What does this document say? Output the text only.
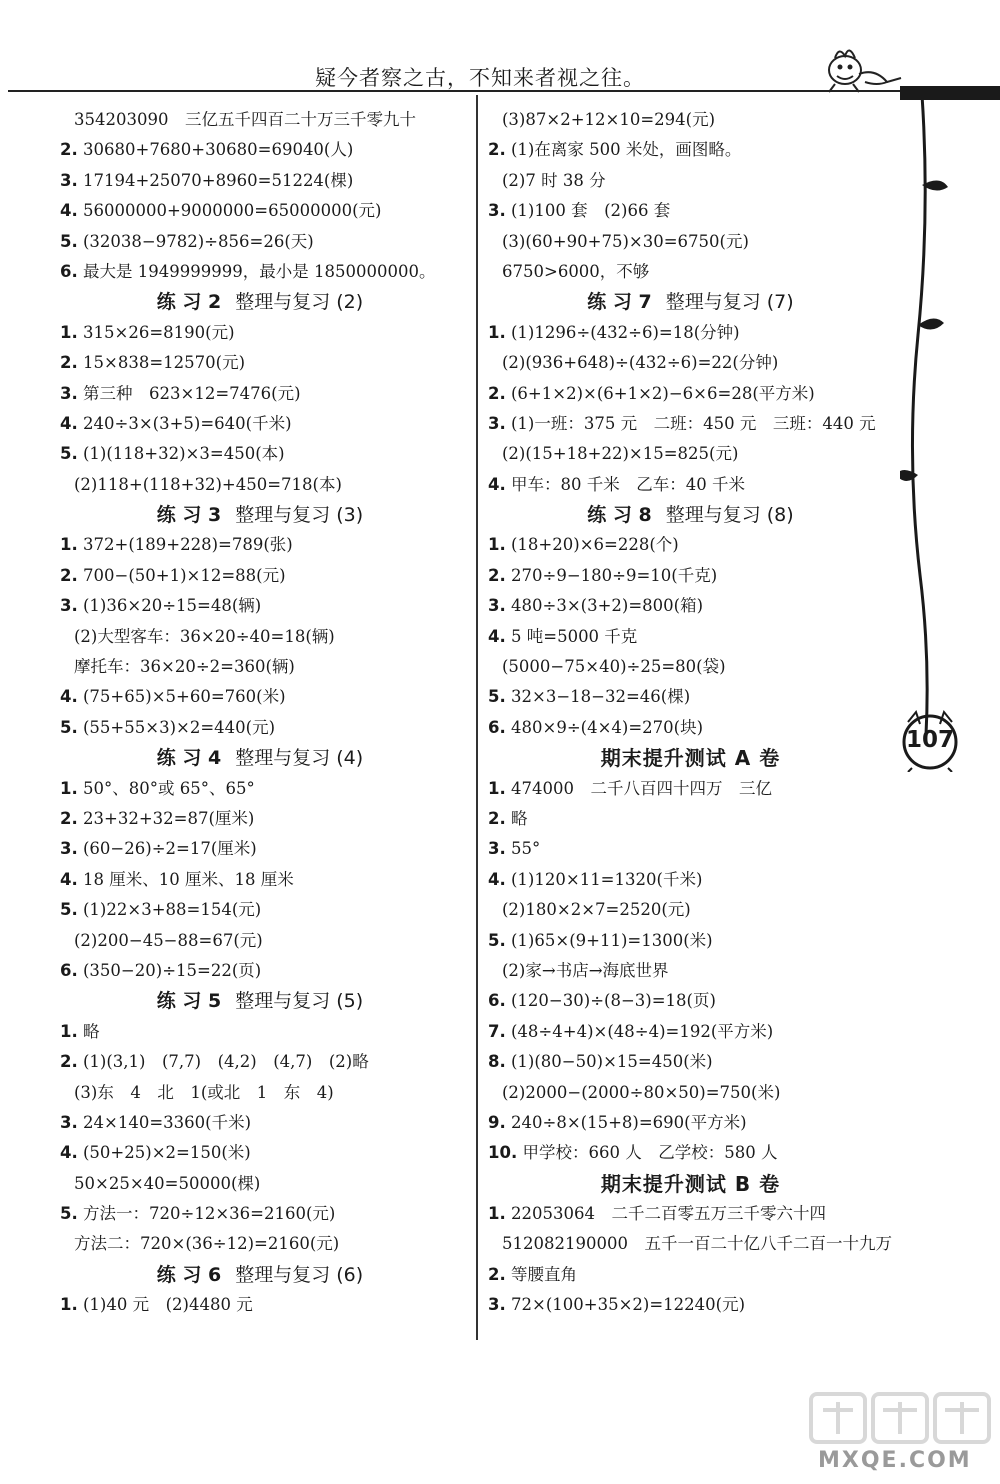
疑今者察之古，不知来者视之往。
107
354203090　三亿五千四百二十万三千零九十
2. 30680+7680+30680=69040(人)
3. 17194+25070+8960=51224(棵)
4. 56000000+9000000=65000000(元)
5. (32038−9782)÷856=26(天)
6. 最大是 1949999999，最小是 1850000000。
练 习 2 整理与复习 (2)
1. 315×26=8190(元)
2. 15×838=12570(元)
3. 第三种　623×12=7476(元)
4. 240÷3×(3+5)=640(千米)
5. (1)(118+32)×3=450(本)
(2)118+(118+32)+450=718(本)
练 习 3 整理与复习 (3)
1. 372+(189+228)=789(张)
2. 700−(50+1)×12=88(元)
3. (1)36×20÷15=48(辆)
(2)大型客车：36×20÷40=18(辆)
摩托车：36×20÷2=360(辆)
4. (75+65)×5+60=760(米)
5. (55+55×3)×2=440(元)
练 习 4 整理与复习 (4)
1. 50°、80°或 65°、65°
2. 23+32+32=87(厘米)
3. (60−26)÷2=17(厘米)
4. 18 厘米、10 厘米、18 厘米
5. (1)22×3+88=154(元)
(2)200−45−88=67(元)
6. (350−20)÷15=22(页)
练 习 5 整理与复习 (5)
1. 略
2. (1)(3,1)　(7,7)　(4,2)　(4,7)　(2)略
(3)东　4　北　1(或北　1　东　4)
3. 24×140=3360(千米)
4. (50+25)×2=150(米)
50×25×40=50000(棵)
5. 方法一：720÷12×36=2160(元)
方法二：720×(36÷12)=2160(元)
练 习 6 整理与复习 (6)
1. (1)40 元　(2)4480 元
(3)87×2+12×10=294(元)
2. (1)在离家 500 米处，画图略。
(2)7 时 38 分
3. (1)100 套　(2)66 套
(3)(60+90+75)×30=6750(元)
6750>6000，不够
练 习 7 整理与复习 (7)
1. (1)1296÷(432÷6)=18(分钟)
(2)(936+648)÷(432÷6)=22(分钟)
2. (6+1×2)×(6+1×2)−6×6=28(平方米)
3. (1)一班：375 元　二班：450 元　三班：440 元
(2)(15+18+22)×15=825(元)
4. 甲车：80 千米　乙车：40 千米
练 习 8 整理与复习 (8)
1. (18+20)×6=228(个)
2. 270÷9−180÷9=10(千克)
3. 480÷3×(3+2)=800(箱)
4. 5 吨=5000 千克
(5000−75×40)÷25=80(袋)
5. 32×3−18−32=46(棵)
6. 480×9÷(4×4)=270(块)
期末提升测试 A 卷
1. 474000　二千八百四十四万　三亿
2. 略
3. 55°
4. (1)120×11=1320(千米)
(2)180×2×7=2520(元)
5. (1)65×(9+11)=1300(米)
(2)家→书店→海底世界
6. (120−30)÷(8−3)=18(页)
7. (48÷4+4)×(48÷4)=192(平方米)
8. (1)(80−50)×15=450(米)
(2)2000−(2000÷80×50)=750(米)
9. 240÷8×(15+8)=690(平方米)
10. 甲学校：660 人　乙学校：580 人
期末提升测试 B 卷
1. 22053064　二千二百零五万三千零六十四
512082190000　五千一百二十亿八千二百一十九万
2. 等腰直角
3. 72×(100+35×2)=12240(元)
MXQE.COM
